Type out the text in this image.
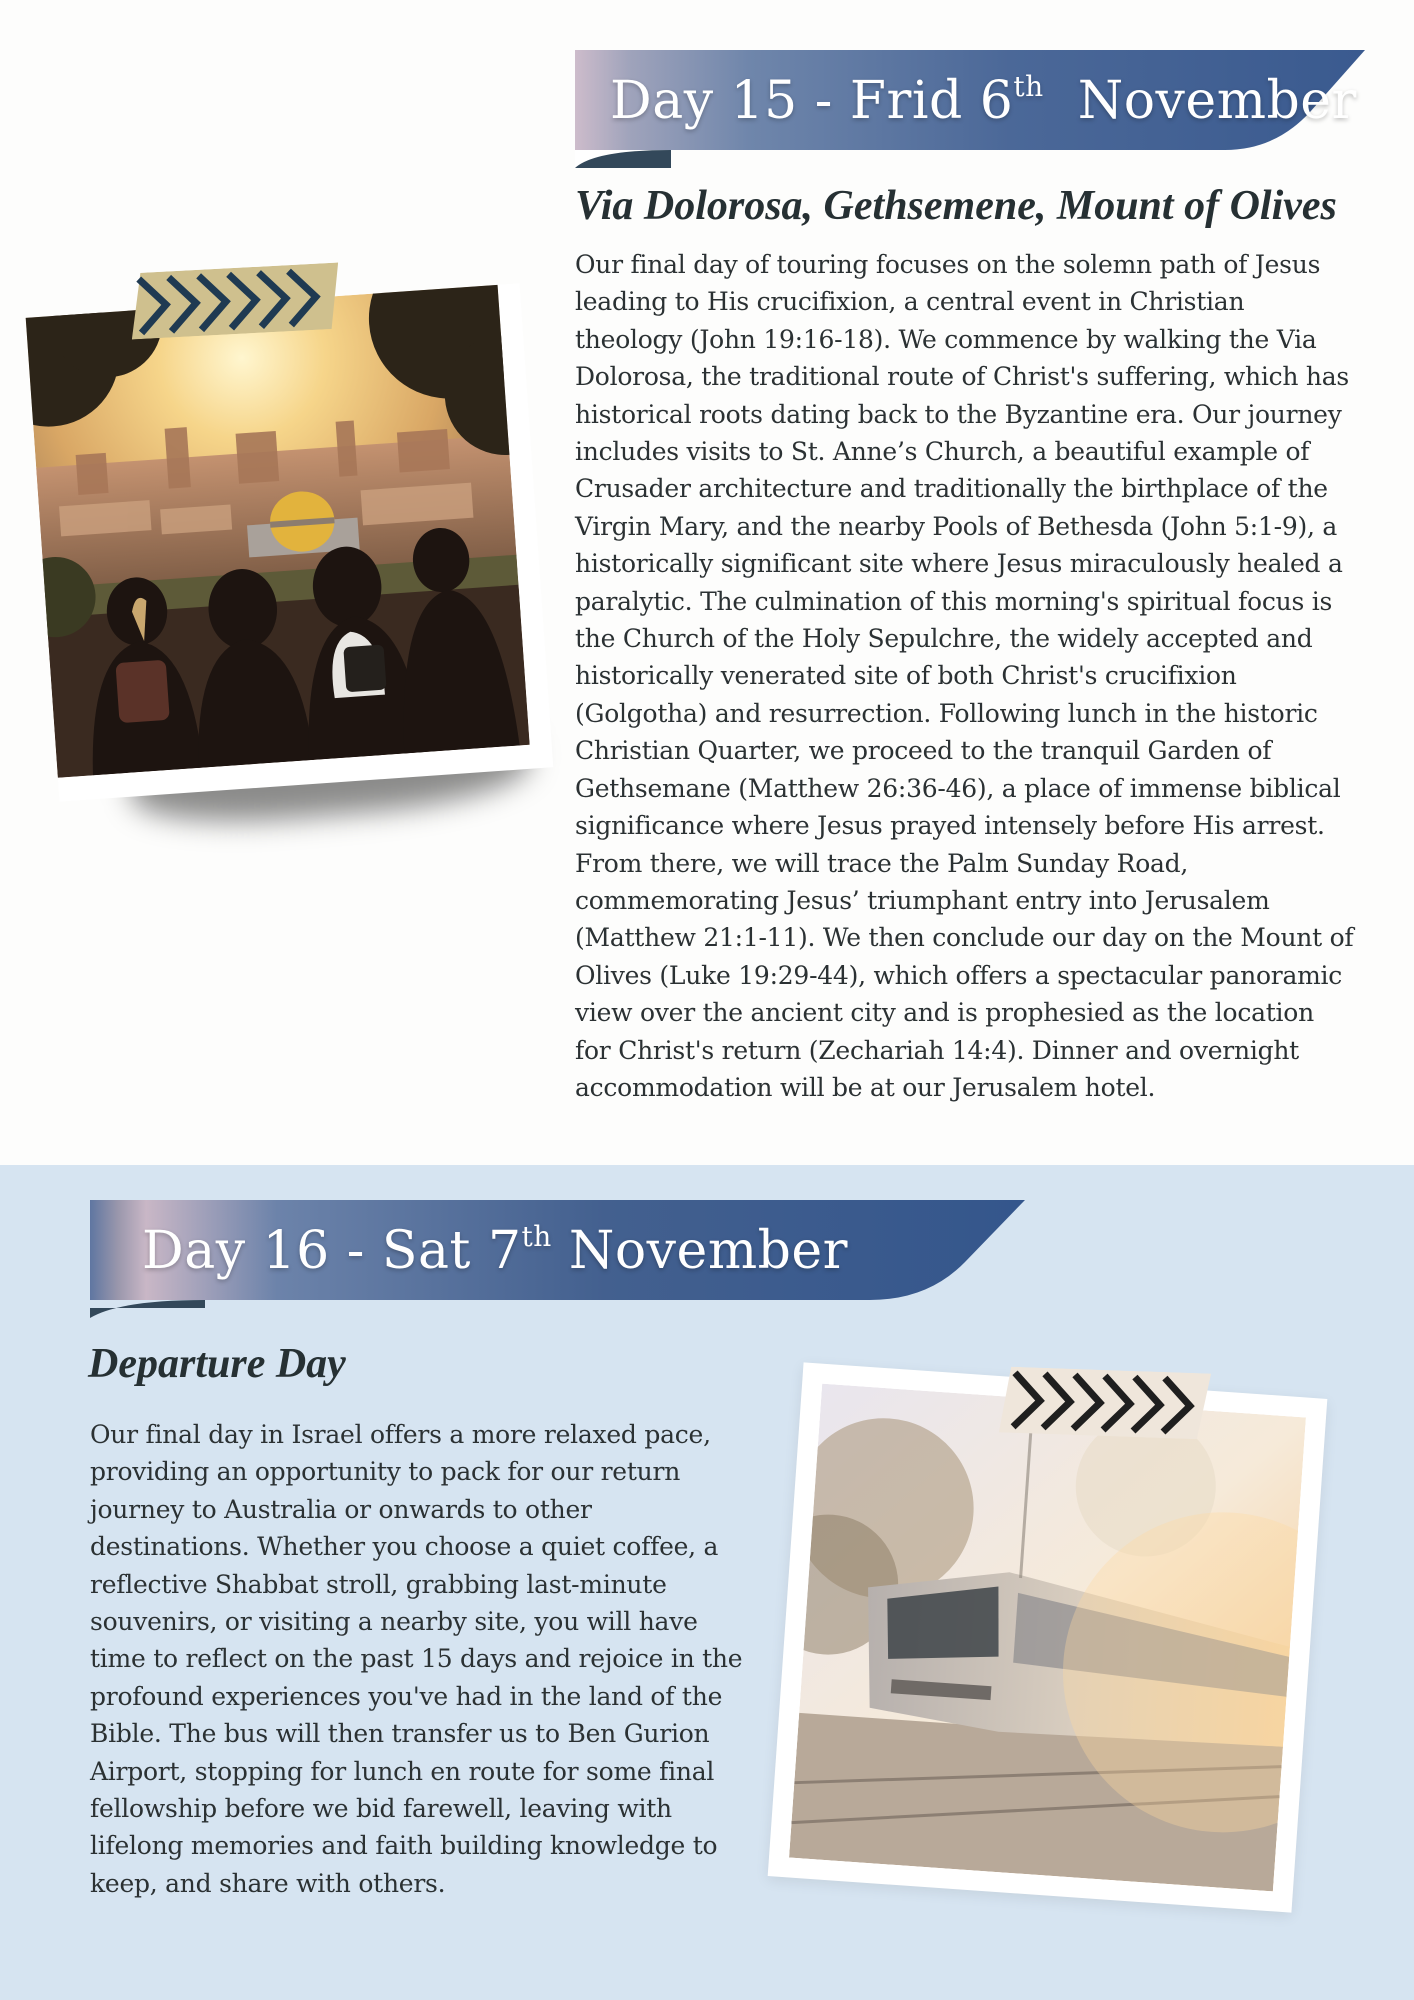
Day 15 - Frid 6th November
Via Dolorosa, Gethsemene, Mount of Olives
Our final day of touring focuses on the solemn path of Jesus leading to His crucifixion, a central event in Christian theology (John 19:16-18). We commence by walking the Via Dolorosa, the traditional route of Christ's suffering, which has historical roots dating back to the Byzantine era. Our journey includes visits to St. Anne’s Church, a beautiful example of Crusader architecture and traditionally the birthplace of the Virgin Mary, and the nearby Pools of Bethesda (John 5:1-9), a historically significant site where Jesus miraculously healed a paralytic. The culmination of this morning's spiritual focus is the Church of the Holy Sepulchre, the widely accepted and historically venerated site of both Christ's crucifixion (Golgotha) and resurrection. Following lunch in the historic Christian Quarter, we proceed to the tranquil Garden of Gethsemane (Matthew 26:36-46), a place of immense biblical significance where Jesus prayed intensely before His arrest. From there, we will trace the Palm Sunday Road, commemorating Jesus’ triumphant entry into Jerusalem (Matthew 21:1-11). We then conclude our day on the Mount of Olives (Luke 19:29-44), which offers a spectacular panoramic view over the ancient city and is prophesied as the location for Christ's return (Zechariah 14:4). Dinner and overnight accommodation will be at our Jerusalem hotel.
Day 16 - Sat 7th November
Departure Day
Our final day in Israel offers a more relaxed pace, providing an opportunity to pack for our return journey to Australia or onwards to other destinations. Whether you choose a quiet coffee, a reflective Shabbat stroll, grabbing last-minute souvenirs, or visiting a nearby site, you will have time to reflect on the past 15 days and rejoice in the profound experiences you've had in the land of the Bible. The bus will then transfer us to Ben Gurion Airport, stopping for lunch en route for some final fellowship before we bid farewell, leaving with lifelong memories and faith building knowledge to keep, and share with others.
